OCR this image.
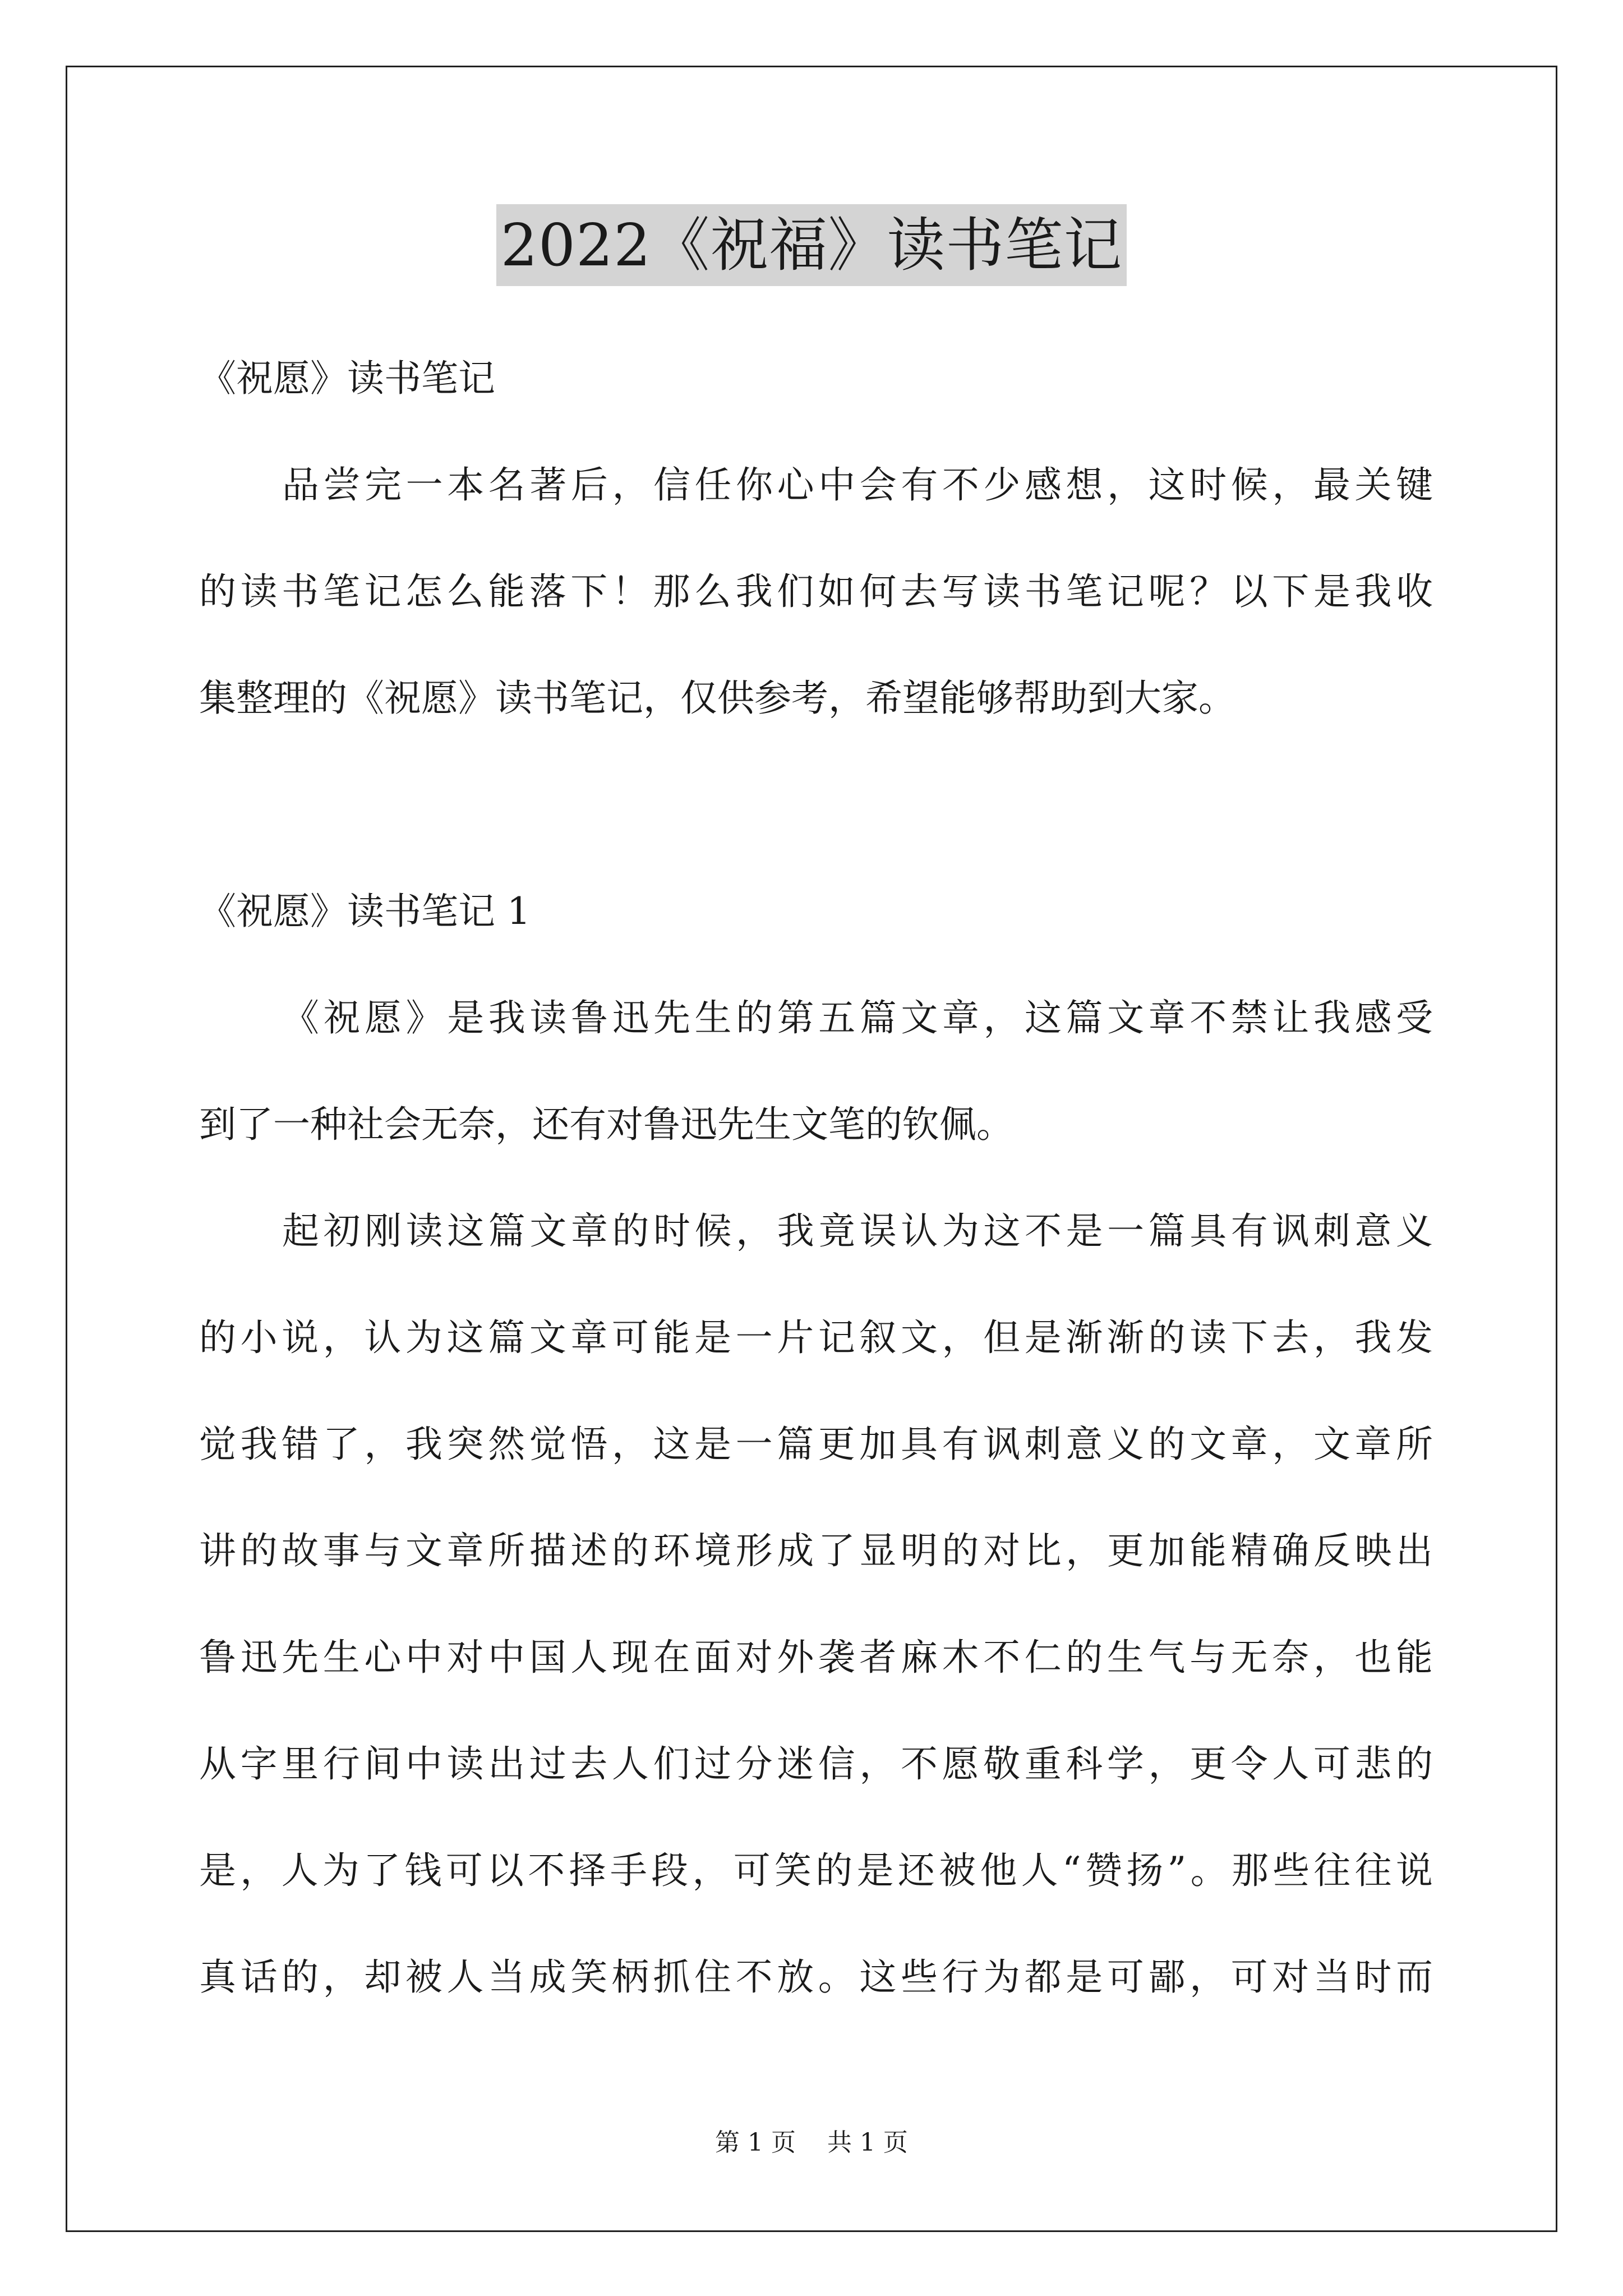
2022《祝福》读书笔记
《祝愿》读书笔记
品尝完一本名著后，信任你心中会有不少感想，这时候，最关键
的读书笔记怎么能落下！那么我们如何去写读书笔记呢？以下是我收
集整理的《祝愿》读书笔记，仅供参考，希望能够帮助到大家。
《祝愿》读书笔记 1
《祝愿》是我读鲁迅先生的第五篇文章，这篇文章不禁让我感受
到了一种社会无奈，还有对鲁迅先生文笔的钦佩。
起初刚读这篇文章的时候，我竟误认为这不是一篇具有讽刺意义
的小说，认为这篇文章可能是一片记叙文，但是渐渐的读下去，我发
觉我错了，我突然觉悟，这是一篇更加具有讽刺意义的文章，文章所
讲的故事与文章所描述的环境形成了显明的对比，更加能精确反映出
鲁迅先生心中对中国人现在面对外袭者麻木不仁的生气与无奈，也能
从字里行间中读出过去人们过分迷信，不愿敬重科学，更令人可悲的
是，人为了钱可以不择手段，可笑的是还被他人“赞扬”。那些往往说
真话的，却被人当成笑柄抓住不放。这些行为都是可鄙，可对当时而
第 1 页 共 1 页
